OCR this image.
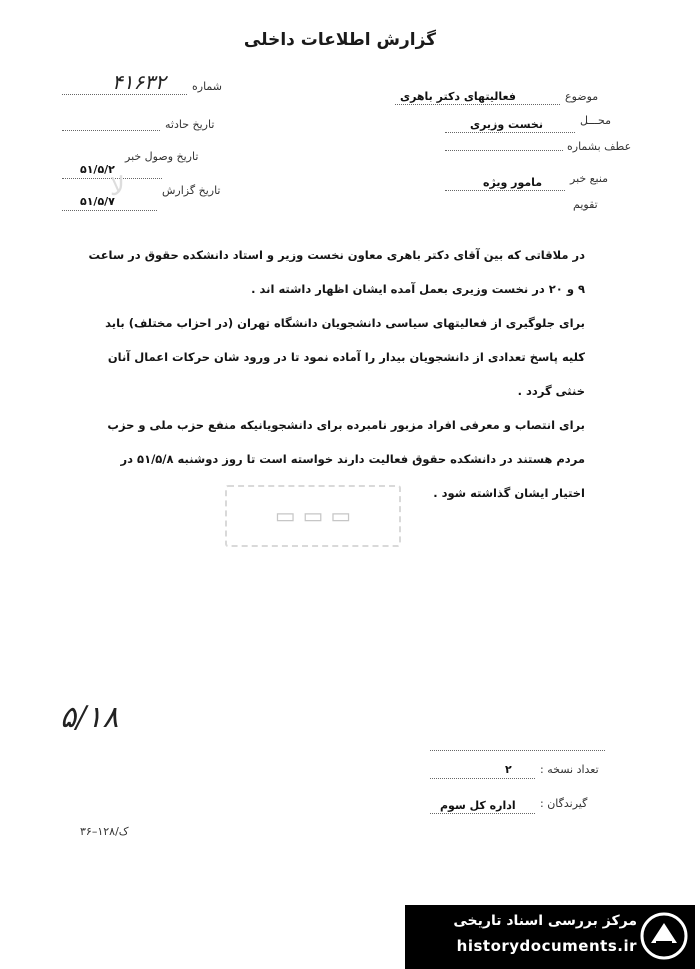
گزارش اطلاعات داخلی
شماره
۴۱۶۳۲
تاریخ حادثه
تاریخ وصول خبر
۵۱/۵/۲
تاریخ گزارش
۵۱/۵/۷
ﻻ
موضوع
فعالیتهای دکتر باهری
محـــل
نخست وزیری
عطف بشماره
منبع خبر
مامور ویژه
تقویم

در ملاقاتی که بین آقای دکتر باهری معاون نخست وزیر و استاد دانشکده حقوق در ساعت ۹ و ۲۰ در نخست وزیری بعمل آمده ایشان اظهار داشته اند .

برای جلوگیری از فعالیتهای سیاسی دانشجویان دانشگاه تهران (در احزاب مختلف) باید کلیه پاسخ تعدادی از دانشجویان بیدار را آماده نمود تا در ورود شان حرکات اعمال آنان خنثی گردد .

برای انتصاب و معرفی افراد مزبور نامبرده برای دانشجویانیکه منفع حزب ملی و حزب مردم هستند در دانشکده حقوق فعالیت دارند خواسته است تا روز دوشنبه ۵۱/۵/۸ در اختیار ایشان گذاشته شود .

▭ ▭ ▭
۵/۱۸
تعداد نسخه :
۲
گیرندگان :
اداره کل سوم
ک/۱۲۸–۳۶
مرکز بررسی اسناد تاریخی
historydocuments.ir
